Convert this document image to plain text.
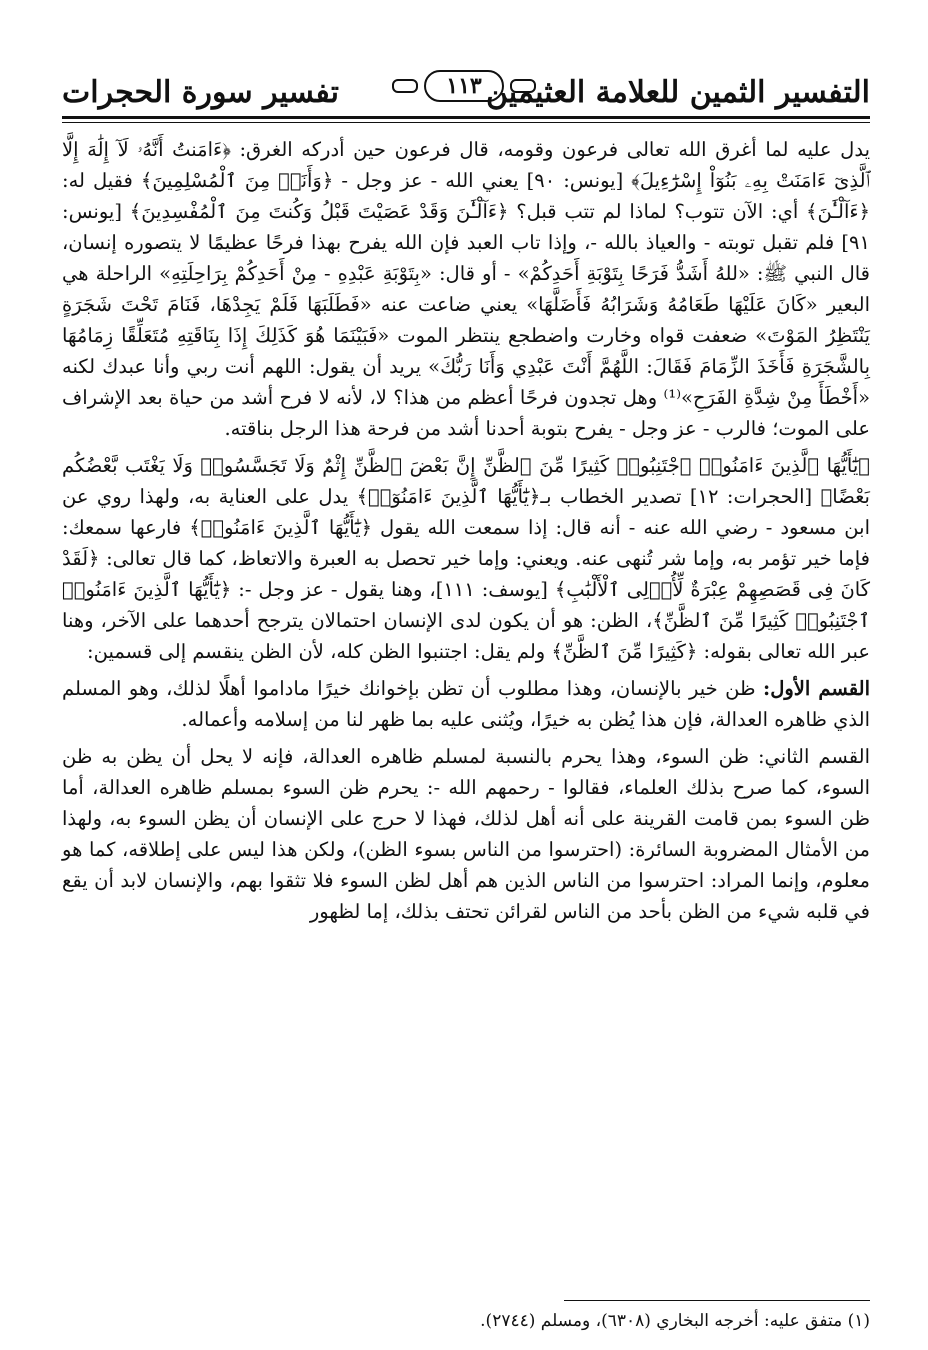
التفسير الثمين للعلامة العثيمين
تفسير سورة الحجرات	١١٣

يدل عليه لما أغرق الله تعالى فرعون وقومه، قال فرعون حين أدركه الغرق: ﴿ءَامَنتُ أَنَّهُۥ لَآ إِلَٰهَ إِلَّا ٱلَّذِىٓ ءَامَنَتْ بِهِۦ بَنُوٓاْ إِسْرَٰٓءِيلَ﴾ [يونس: ٩٠] يعني الله - عز وجل - ﴿وَأَنَا۠ مِنَ ٱلْمُسْلِمِينَ﴾ فقيل له: ﴿ءَآلْـَٰٔنَ﴾ أي: الآن تتوب؟ لماذا لم تتب قبل؟ ﴿ءَآلْـَٰٔنَ وَقَدْ عَصَيْتَ قَبْلُ وَكُنتَ مِنَ ٱلْمُفْسِدِينَ﴾ [يونس: ٩١] فلم تقبل توبته - والعياذ بالله -، وإذا تاب العبد فإن الله يفرح بهذا فرحًا عظيمًا لا يتصوره إنسان، قال النبي ﷺ: «للهُ أَشَدُّ فَرَحًا بِتَوْبَةِ أَحَدِكُمْ» - أو قال: «بِتَوْبَةِ عَبْدِهِ - مِنْ أَحَدِكُمْ بِرَاحِلَتِهِ» الراحلة هي البعير «كَانَ عَلَيْهَا طَعَامُهُ وَشَرَابُهُ فَأَضَلَّهَا» يعني ضاعت عنه «فَطَلَبَهَا فَلَمْ يَجِدْهَا، فَنَامَ تَحْتَ شَجَرَةٍ يَنْتَظِرُ المَوْتَ» ضعفت قواه وخارت واضطجع ينتظر الموت «فَبَيْنَمَا هُوَ كَذَلِكَ إِذَا بِنَاقَتِهِ مُتَعَلِّقًا زِمَامُهَا بِالشَّجَرَةِ فَأَخَذَ الزِّمَامَ فَقَالَ: اللَّهُمَّ أَنْتَ عَبْدِي وَأَنَا رَبُّكَ» يريد أن يقول: اللهم أنت ربي وأنا عبدك لكنه «أَخْطَأَ مِنْ شِدَّةِ الفَرَحِ»⁽¹⁾ وهل تجدون فرحًا أعظم من هذا؟ لا، لأنه لا فرح أشد من حياة بعد الإشراف على الموت؛ فالرب - عز وجل - يفرح بتوبة أحدنا أشد من فرحة هذا الرجل بناقته.

﴿يَٰٓأَيُّهَا ٱلَّذِينَ ءَامَنُوا۟ ٱجْتَنِبُوا۟ كَثِيرًا مِّنَ ٱلظَّنِّ إِنَّ بَعْضَ ٱلظَّنِّ إِثْمٌ وَلَا تَجَسَّسُوا۟ وَلَا يَغْتَب بَّعْضُكُم بَعْضًا﴾ [الحجرات: ١٢] تصدير الخطاب بـ﴿يَٰٓأَيُّهَا ٱلَّذِينَ ءَامَنُوٓا۟﴾ يدل على العناية به، ولهذا روي عن ابن مسعود - رضي الله عنه - أنه قال: إذا سمعت الله يقول ﴿يَٰٓأَيُّهَا ٱلَّذِينَ ءَامَنُوا۟﴾ فارعها سمعك: فإما خير تؤمر به، وإما شر تُنهى عنه. ويعني: وإما خير تحصل به العبرة والاتعاظ، كما قال تعالى: ﴿لَقَدْ كَانَ فِى قَصَصِهِمْ عِبْرَةٌ لِّأُو۟لِى ٱلْأَلْبَٰبِ﴾ [يوسف: ١١١]، وهنا يقول - عز وجل -: ﴿يَٰٓأَيُّهَا ٱلَّذِينَ ءَامَنُوا۟ ٱجْتَنِبُوا۟ كَثِيرًا مِّنَ ٱلظَّنِّ﴾، الظن: هو أن يكون لدى الإنسان احتمالان يترجح أحدهما على الآخر، وهنا عبر الله تعالى بقوله: ﴿كَثِيرًا مِّنَ ٱلظَّنِّ﴾ ولم يقل: اجتنبوا الظن كله، لأن الظن ينقسم إلى قسمين:

القسم الأول: ظن خير بالإنسان، وهذا مطلوب أن تظن بإخوانك خيرًا ماداموا أهلًا لذلك، وهو المسلم الذي ظاهره العدالة، فإن هذا يُظن به خيرًا، ويُثنى عليه بما ظهر لنا من إسلامه وأعماله.

القسم الثاني: ظن السوء، وهذا يحرم بالنسبة لمسلم ظاهره العدالة، فإنه لا يحل أن يظن به ظن السوء، كما صرح بذلك العلماء، فقالوا - رحمهم الله -: يحرم ظن السوء بمسلم ظاهره العدالة، أما ظن السوء بمن قامت القرينة على أنه أهل لذلك، فهذا لا حرج على الإنسان أن يظن السوء به، ولهذا من الأمثال المضروبة السائرة: (احترسوا من الناس بسوء الظن)، ولكن هذا ليس على إطلاقه، كما هو معلوم، وإنما المراد: احترسوا من الناس الذين هم أهل لظن السوء فلا تثقوا بهم، والإنسان لابد أن يقع في قلبه شيء من الظن بأحد من الناس لقرائن تحتف بذلك، إما لظهور

(١) متفق عليه: أخرجه البخاري (٦٣٠٨)، ومسلم (٢٧٤٤).
